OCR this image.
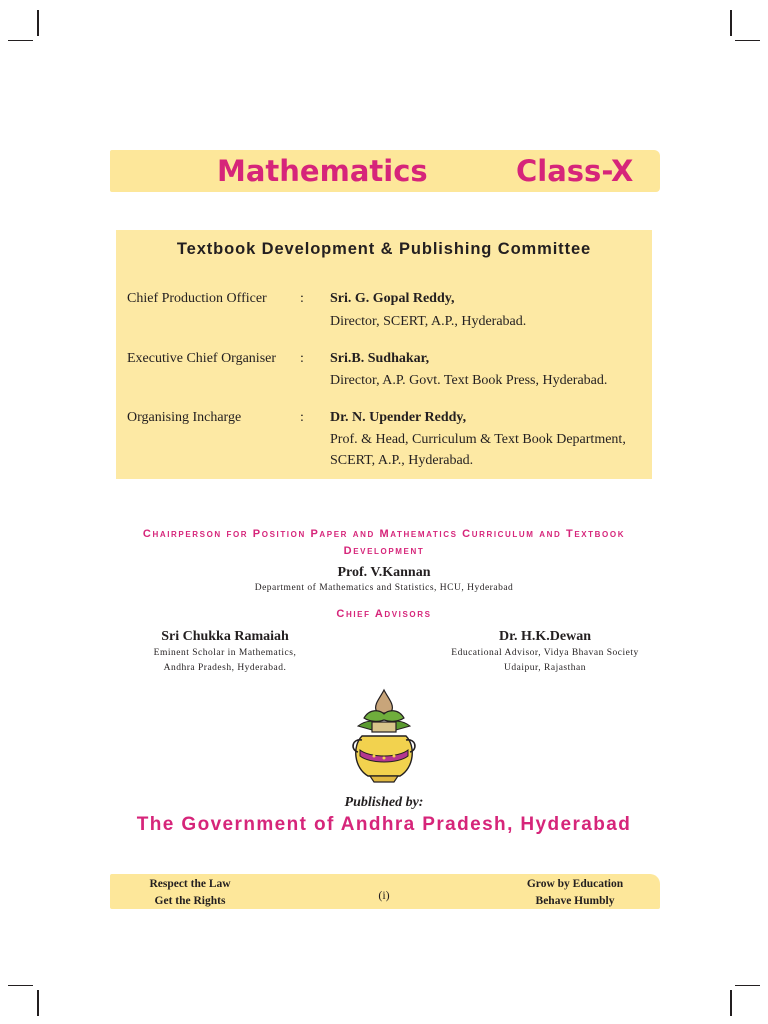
Mathematics	Class-X
Textbook Development & Publishing Committee
Chief Production Officer : Sri. G. Gopal Reddy,
Director, SCERT, A.P., Hyderabad.
Executive Chief Organiser : Sri.B. Sudhakar,
Director, A.P. Govt. Text Book Press, Hyderabad.
Organising Incharge	: Dr. N. Upender Reddy,
Prof. & Head, Curriculum & Text Book Department,
SCERT, A.P., Hyderabad.
Chairperson for Position Paper and Mathematics Curriculum and Textbook
Development
Prof. V.Kannan
Department of Mathematics and Statistics, HCU, Hyderabad
Chief Advisors
Sri Chukka Ramaiah
Eminent Scholar in Mathematics,
Andhra Pradesh, Hyderabad.
Dr. H.K.Dewan
Educational Advisor, Vidya Bhavan Society
Udaipur, Rajasthan
Published by:
The Government of Andhra Pradesh, Hyderabad
Respect the Law
Get the Rights	(i)
Grow by Education
Behave Humbly
